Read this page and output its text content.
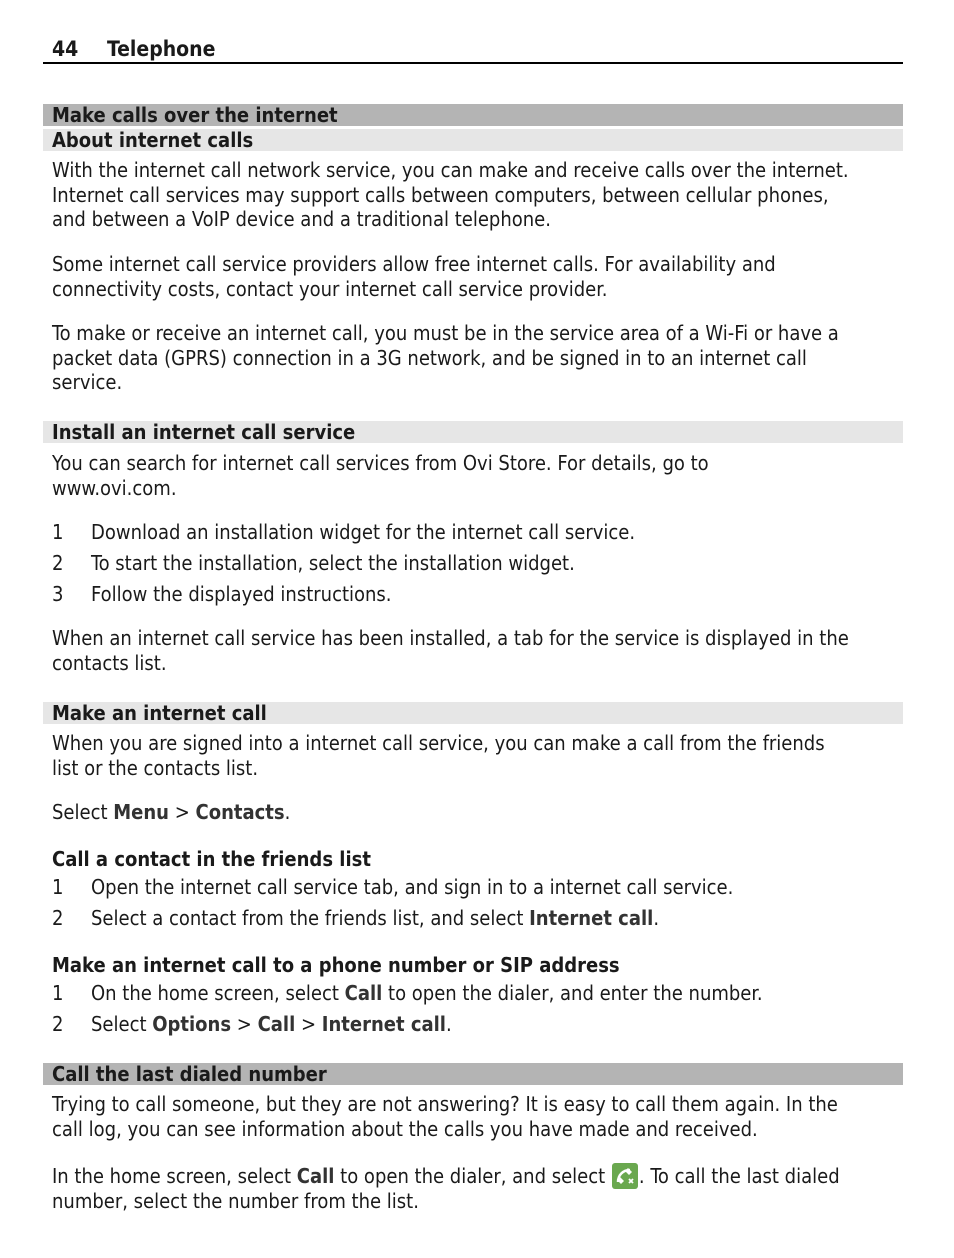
44 Telephone
Make calls over the internet
About internet calls
With the internet call network service, you can make and receive calls over the internet.
Internet call services may support calls between computers, between cellular phones,
and between a VoIP device and a traditional telephone.
Some internet call service providers allow free internet calls. For availability and
connectivity costs, contact your internet call service provider.
To make or receive an internet call, you must be in the service area of a Wi-Fi or have a
packet data (GPRS) connection in a 3G network, and be signed in to an internet call
service.
Install an internet call service
You can search for internet call services from Ovi Store. For details, go to
www.ovi.com.
1 Download an installation widget for the internet call service.
2 To start the installation, select the installation widget.
3 Follow the displayed instructions.
When an internet call service has been installed, a tab for the service is displayed in the
contacts list.
Make an internet call
When you are signed into a internet call service, you can make a call from the friends
list or the contacts list.
Select Menu > Contacts.
Call a contact in the friends list
1 Open the internet call service tab, and sign in to a internet call service.
2 Select a contact from the friends list, and select Internet call.
Make an internet call to a phone number or SIP address
1 On the home screen, select Call to open the dialer, and enter the number.
2 Select Options > Call > Internet call.
Call the last dialed number
Trying to call someone, but they are not answering? It is easy to call them again. In the
call log, you can see information about the calls you have made and received.
In the home screen, select Call to open the dialer, and select
. To call the last dialed
number, select the number from the list.
